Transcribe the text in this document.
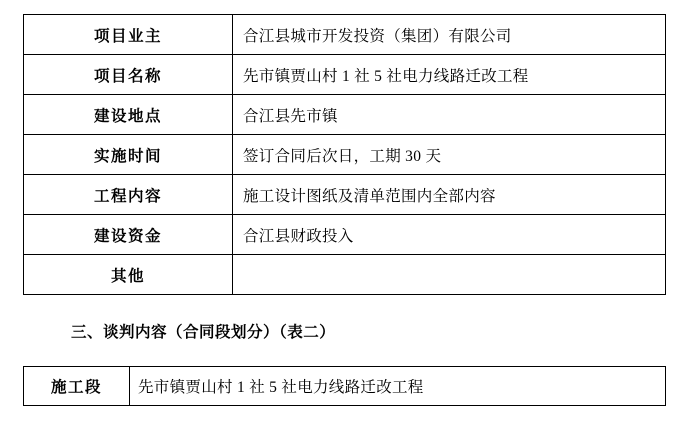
项目业主	合江县城市开发投资（集团）有限公司

项目名称	先市镇贾山村 1 社 5 社电力线路迁改工程

建设地点	合江县先市镇

实施时间	签订合同后次日，工期 30 天

工程内容	施工设计图纸及清单范围内全部内容

建设资金	合江县财政投入
其他	
三、谈判内容（合同段划分）（表二）
施工段	先市镇贾山村 1 社 5 社电力线路迁改工程
